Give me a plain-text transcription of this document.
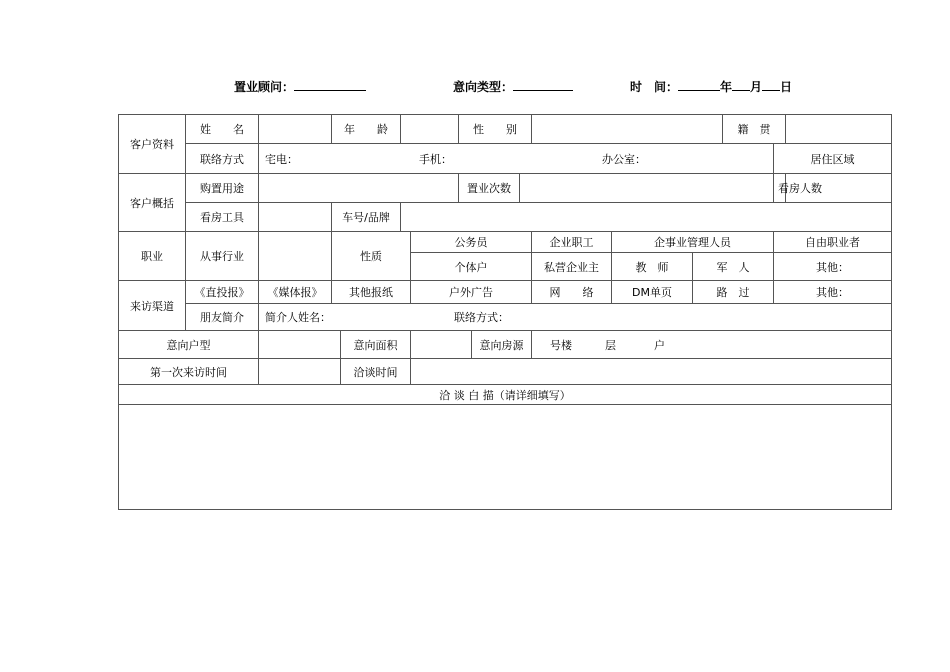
置业顾问：	意向类型：	时　间：	年 月 日
客户资料	姓　　名		年　　龄				性　　别						籍　贯			
	联络方式	宅电： 手机： 办公室：												居住区域		
客户概括	购置用途						置业次数							看房人数		
	看房工具		车号/品牌													
职业	从事行业		性质			公务员				企业职工	企事业管理人员			自由职业者		
						个体户				私营企业主	教　师	军　人		其他：		
来访渠道	《直投报》	《媒体报》	其他报纸			户外广告				网　　络	DM单页	路　过		其他：		
	朋友简介	简介人姓名： 联络方式：														

意向户型				意向面积				意向房源		号楼 层 户						

第一次来访时间				洽谈时间												
洽 谈 白 描（请详细填写）																
